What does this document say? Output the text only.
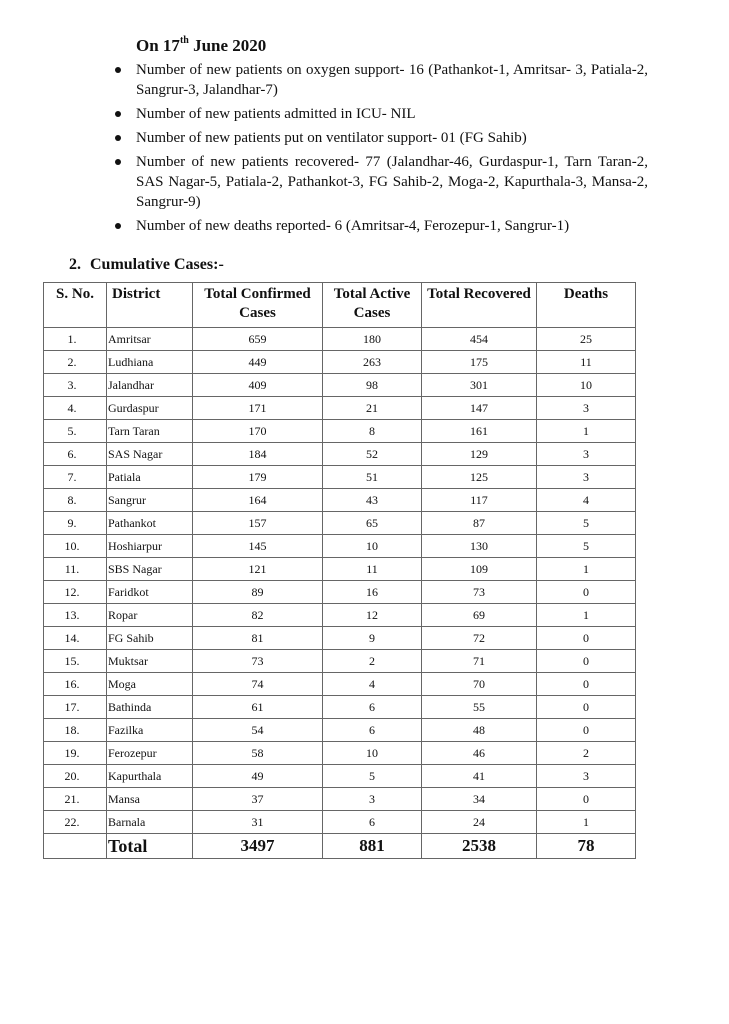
On 17th June 2020
Number of new patients on oxygen support- 16 (Pathankot-1, Amritsar- 3, Patiala-2, Sangrur-3, Jalandhar-7)
Number of new patients admitted in ICU- NIL
Number of new patients put on ventilator support- 01 (FG Sahib)
Number of new patients recovered- 77 (Jalandhar-46, Gurdaspur-1, Tarn Taran-2, SAS Nagar-5, Patiala-2, Pathankot-3, FG Sahib-2, Moga-2, Kapurthala-3, Mansa-2, Sangrur-9)
Number of new deaths reported- 6 (Amritsar-4, Ferozepur-1, Sangrur-1)
2. Cumulative Cases:-
S. No.	District	Total Confirmed Cases	Total Active Cases	Total Recovered	Deaths
1.	Amritsar	659	180	454	25
2.	Ludhiana	449	263	175	11
3.	Jalandhar	409	98	301	10
4.	Gurdaspur	171	21	147	3
5.	Tarn Taran	170	8	161	1
6.	SAS Nagar	184	52	129	3
7.	Patiala	179	51	125	3
8.	Sangrur	164	43	117	4
9.	Pathankot	157	65	87	5
10.	Hoshiarpur	145	10	130	5
11.	SBS Nagar	121	11	109	1
12.	Faridkot	89	16	73	0
13.	Ropar	82	12	69	1
14.	FG Sahib	81	9	72	0
15.	Muktsar	73	2	71	0
16.	Moga	74	4	70	0
17.	Bathinda	61	6	55	0
18.	Fazilka	54	6	48	0
19.	Ferozepur	58	10	46	2
20.	Kapurthala	49	5	41	3
21.	Mansa	37	3	34	0
22.	Barnala	31	6	24	1
	Total	3497	881	2538	78
